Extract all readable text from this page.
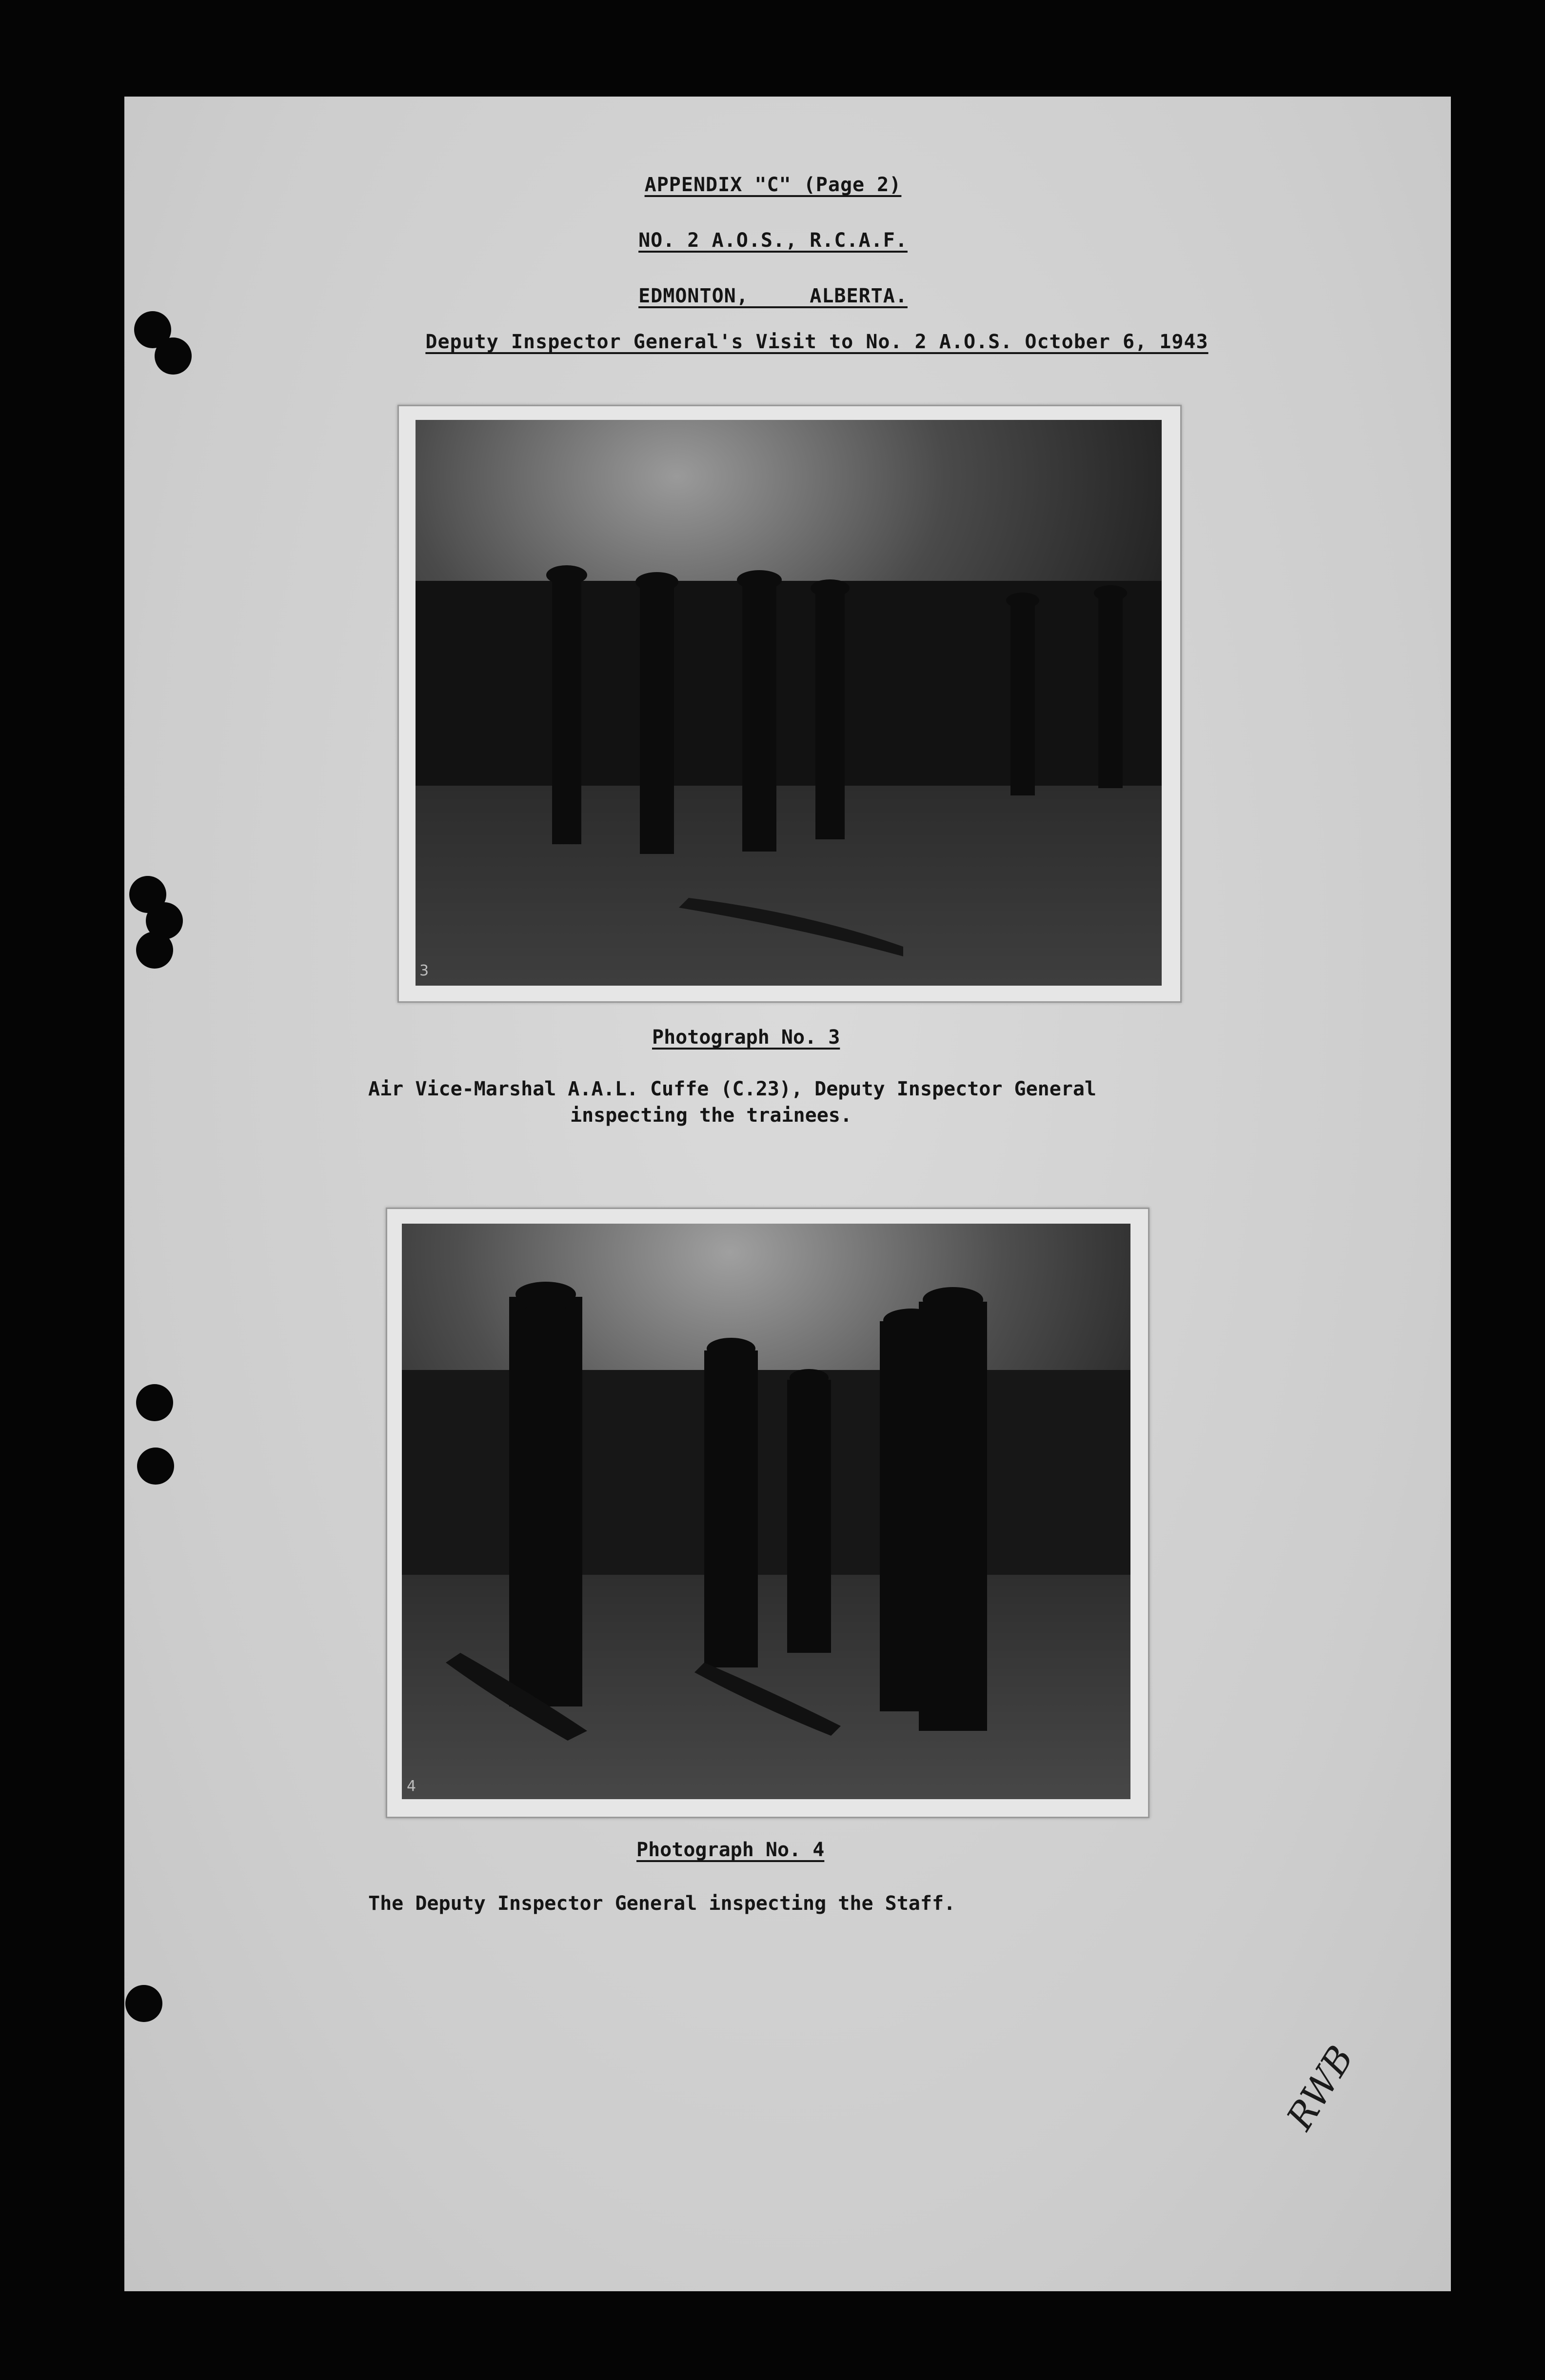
APPENDIX "C" (Page 2)
NO. 2 A.O.S., R.C.A.F.
EDMONTON,     ALBERTA.
Deputy Inspector General's Visit to No. 2 A.O.S. October 6, 1943
3
Photograph No. 3
Air Vice-Marshal A.A.L. Cuffe (C.23), Deputy Inspector General
inspecting the trainees.
4
Photograph No. 4
The Deputy Inspector General inspecting the Staff.
RWB
